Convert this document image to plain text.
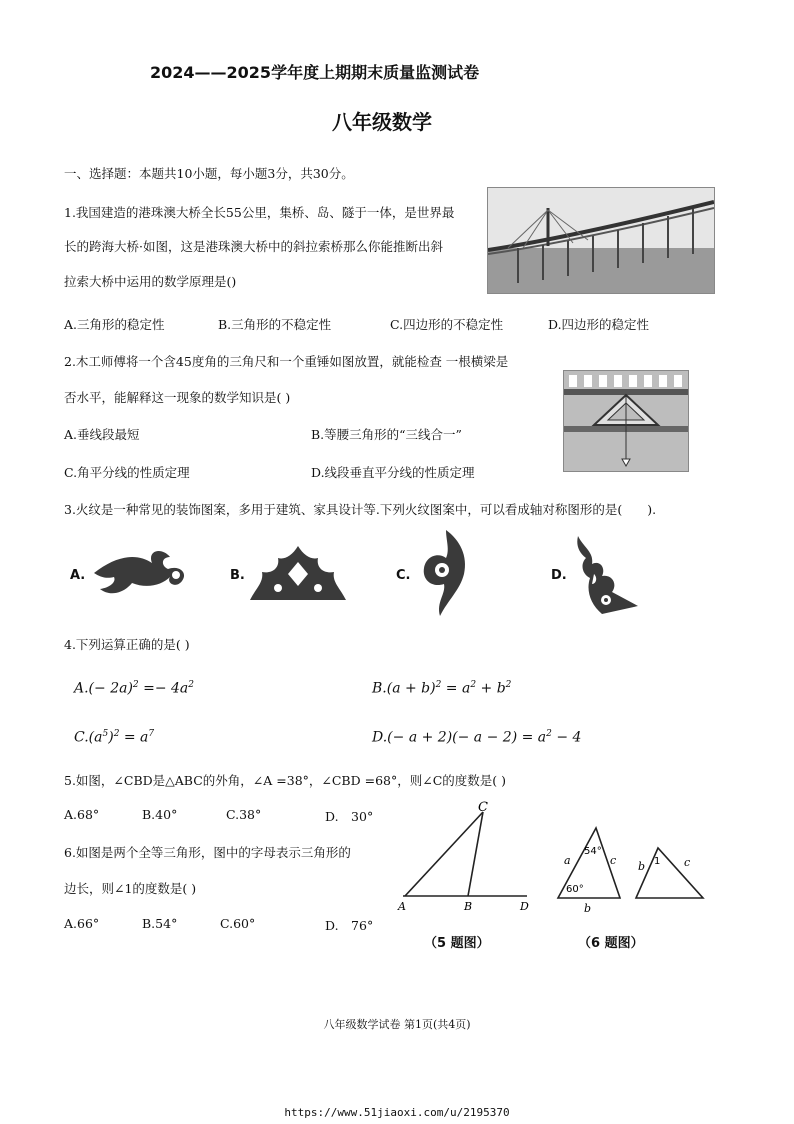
2024——2025学年度上期期末质量监测试卷
八年级数学
一、选择题：本题共10小题，每小题3分，共30分。
1.我国建造的港珠澳大桥全长55公里，集桥、岛、隧于一体，是世界最
长的跨海大桥·如图，这是港珠澳大桥中的斜拉索桥那么你能推断出斜
拉索大桥中运用的数学原理是()
A.三角形的稳定性	B.三角形的不稳定性	C.四边形的不稳定性	D.四边形的稳定性
2.木工师傅将一个含45度角的三角尺和一个重锤如图放置，就能检查 一根横梁是
否水平，能解释这一现象的数学知识是( )
A.垂线段最短	B.等腰三角形的“三线合一”
C.角平分线的性质定理	D.线段垂直平分线的性质定理
3.火纹是一种常见的装饰图案，多用于建筑、家具设计等.下列火纹图案中，可以看成轴对称图形的是(　　).
A.	B.	C.	D.
4.下列运算正确的是( )
$A.(- 2a)^2 =- 4a^2$	$B.(a + b)^2 = a^2 + b^2$
$C.(a^5)^2 = a^7$	$D.(- a + 2)(- a - 2) = a^2 - 4$
5.如图，∠CBD是△ABC的外角，∠A =38°，∠CBD =68°，则∠C的度数是( )
A.68°	B.40°	C.38°	D.　30°
6.如图是两个全等三角形，图中的字母表示三角形的
边长，则∠1的度数是( )
A.66°	B.54°	C.60°	D.　76°
C
A	B	D
（5 题图）
54°
60°
a	c
b
1
b	c
（6 题图）
八年级数学试卷 第1页(共4页)
https://www.51jiaoxi.com/u/2195370
